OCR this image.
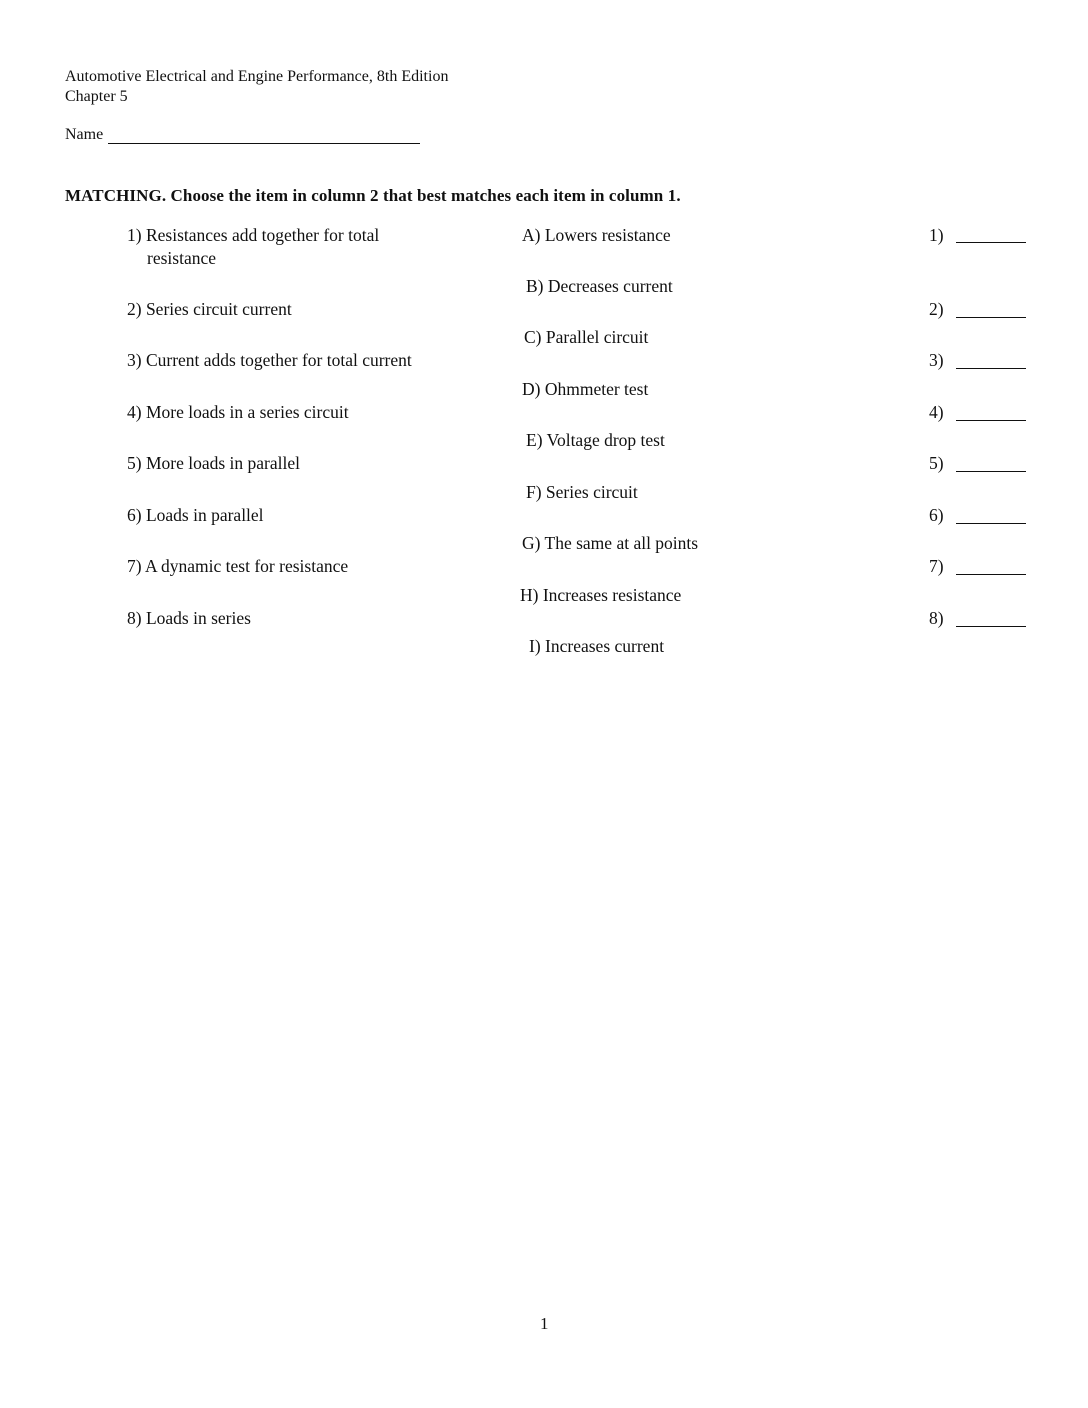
Automotive Electrical and Engine Performance, 8th Edition
Chapter 5
Name
MATCHING. Choose the item in column 2 that best matches each item in column 1.
1) Resistances add together for total
resistance
2) Series circuit current
3) Current adds together for total current
4) More loads in a series circuit
5) More loads in parallel
6) Loads in parallel
7) A dynamic test for resistance
8) Loads in series
A) Lowers resistance
B) Decreases current
C) Parallel circuit
D) Ohmmeter test
E) Voltage drop test
F) Series circuit
G) The same at all points
H) Increases resistance
I) Increases current
1)
2)
3)
4)
5)
6)
7)
8)
1
